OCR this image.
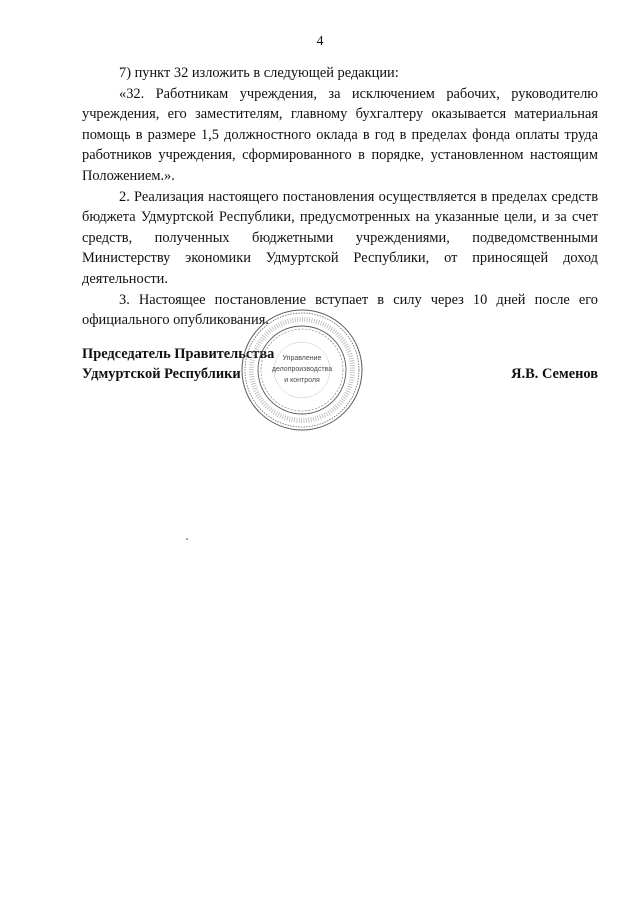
4

7) пункт 32 изложить в следующей редакции:

«32. Работникам учреждения, за исключением рабочих, руководителю учреждения, его заместителям, главному бухгалтеру оказывается материальная помощь в размере 1,5 должностного оклада в год в пределах фонда оплаты труда работников учреждения, сформированного в порядке, установленном настоящим Положением.».

2. Реализация настоящего постановления осуществляется в пределах средств бюджета Удмуртской Республики, предусмотренных на указанные цели, и за счет средств, полученных бюджетными учреждениями, подведомственными Министерству экономики Удмуртской Республики, от приносящей доход деятельности.

3. Настоящее постановление вступает в силу через 10 дней после его официального опубликования.

Председатель Правительства
Удмуртской Республики	Я.В. Семенов
Управление
делопроизводства
и контроля
